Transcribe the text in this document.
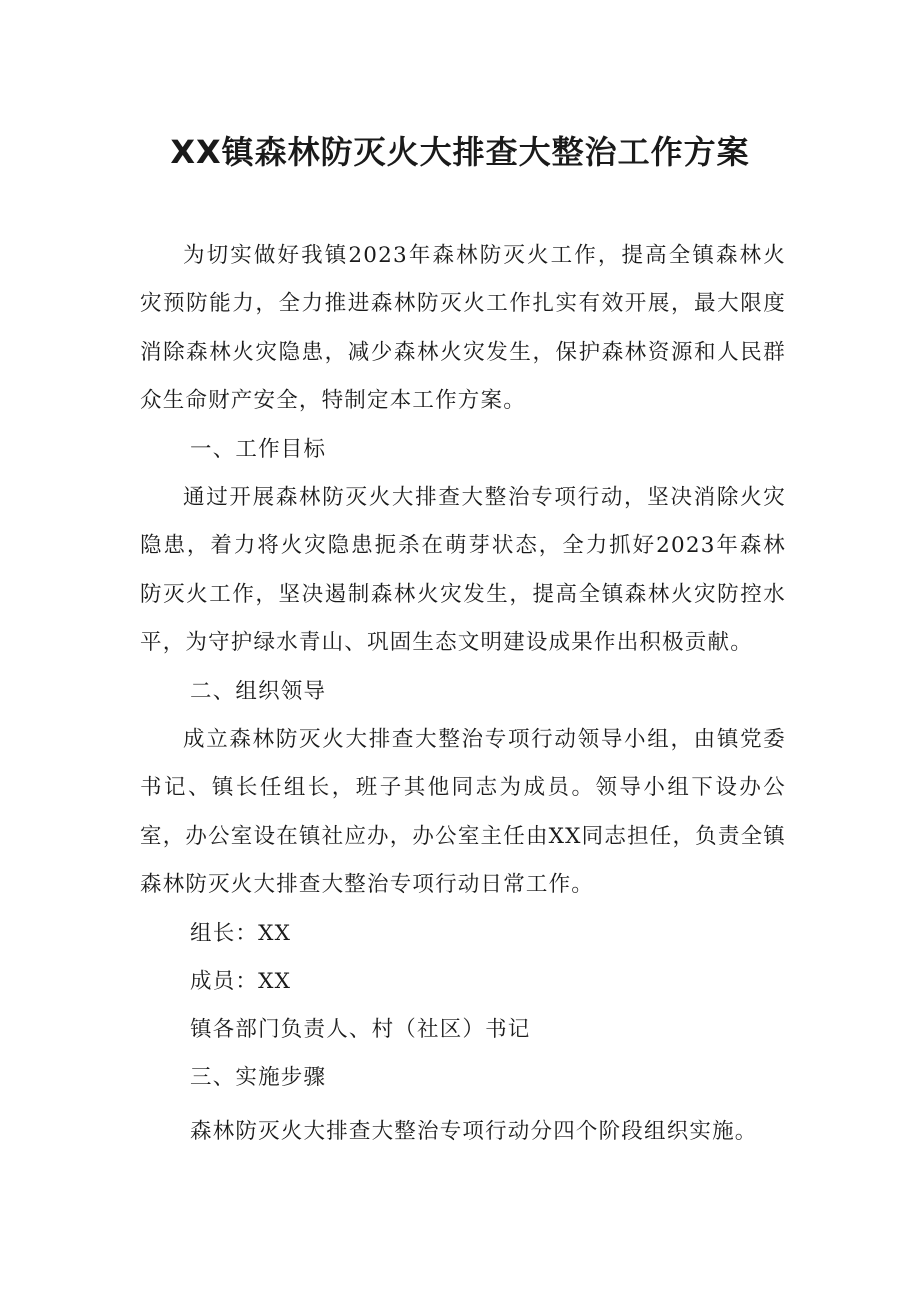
XX镇森林防灭火大排查大整治工作方案

为切实做好我镇2023年森林防灭火工作，提高全镇森林火灾预防能力，全力推进森林防灭火工作扎实有效开展，最大限度消除森林火灾隐患，减少森林火灾发生，保护森林资源和人民群众生命财产安全，特制定本工作方案。

一、工作目标

通过开展森林防灭火大排查大整治专项行动，坚决消除火灾隐患，着力将火灾隐患扼杀在萌芽状态，全力抓好2023年森林防灭火工作，坚决遏制森林火灾发生，提高全镇森林火灾防控水平，为守护绿水青山、巩固生态文明建设成果作出积极贡献。

二、组织领导

成立森林防灭火大排查大整治专项行动领导小组，由镇党委书记、镇长任组长，班子其他同志为成员。领导小组下设办公室，办公室设在镇社应办，办公室主任由XX同志担任，负责全镇森林防灭火大排查大整治专项行动日常工作。

组长：XX

成员：XX

镇各部门负责人、村（社区）书记

三、实施步骤

森林防灭火大排查大整治专项行动分四个阶段组织实施。
